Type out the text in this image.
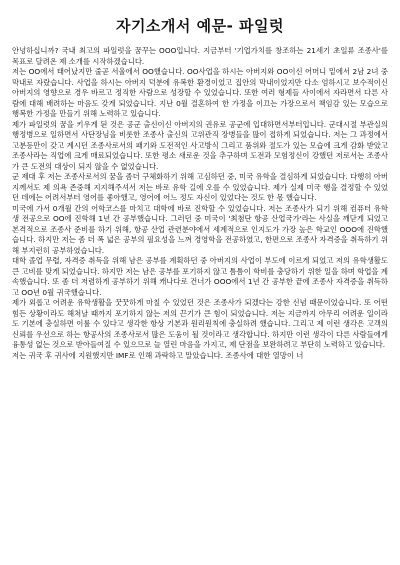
자기소개서 예문- 파일럿
안녕하십니까? 국내 최고의 파일럿을 꿈꾸는 OOO입니다. 지금부터 '기업가치를 창조하는 21세기 초일류 조종사'를 목표로 달려온 제 소개를 시작하겠습니다.
저는 OO에서 태어났지만 줄곧 서울에서 OO했습니다. OO사업을 하시는 아버지와 OO이신 어머니 밑에서 2남 2녀 중 막내로 자랐습니다. 사업을 하시는 아버지 덕분에 유복한 환경이었고 집안의 막내이었지만 다소 엄하시고 보수적이신 아버지의 영향으로 경우 바르고 정직한 사람으로 성장할 수 있었습니다. 또한 여러 형제들 사이에서 자라면서 다른 사람에 대해 배려하는 마음도 갖게 되었습니다. 지난 0월 결혼하여 한 가정을 이끄는 가장으로서 책임감 있는 모습으로 행복한 가정을 만들기 위해 노력하고 있습니다.
제가 파일럿의 꿈을 키우게 된 것은 공군 출신이신 아버지의 권유로 공군에 입대하면서부터입니다. 군대시절 부관실의 행정병으로 일하면서 사단장님을 비롯한 조종사 출신의 고위관직 장병들을 많이 접하게 되었습니다. 저는 그 과정에서 고분등만이 갖고 계시던 조종사로서의 패기와 도전적인 사고방식 그리고 품위와 절도가 있는 모습에 크게 감화 받았고 조종사라는 직업에 크게 매료되었습니다. 또한 평소 새로운 것을 추구하며 도전과 모험정신이 강했던 저로서는 조종사가 큰 도전의 대상이 되지 않을 수 없었습니다.
군 제대 후 저는 조종사로서의 꿈을 좀더 구체화하기 위해 고심하던 중, 미국 유학을 결심하게 되었습니다. 다행히 아버지께서도 제 의욕 존중해 지지해주셔서 저는 바로 유학 길에 오를 수 있었습니다. 제가 실제 미국 행을 결정할 수 있었던 데에는 어려서부터 영어를 좋아했고, 영어에 어느 정도 자신이 있었다는 것도 한 몫 했습니다.
미국에 가서 0개월 간의 어학코스를 마치고 대학에 바로 진학할 수 있었습니다. 저는 조종사가 되기 위해 컴퓨터 유학생 전공으로 OO에 진학해 1년 간 공부했습니다. 그러던 중 미국이 '최첨단 항공 산업국가'라는 사실을 깨닫게 되었고 본격적으로 조종사 준비를 하기 위해, 항공 산업 관련분야에서 세계적으로 인지도가 가장 높은 학교인 OOO에 진학했습니다. 하지만 저는 좀 더 폭 넓은 공부의 필요성을 느껴 경영학을 전공하였고, 한편으로 조종사 자격증을 취득하기 위해 부지런히 공부하였습니다.
대학 졸업 무렵, 자격증 취득을 위해 남은 공부를 계획하던 중 아버지의 사업이 부도에 이르게 되었고 저의 유학생활도 큰 고비를 맞게 되었습니다. 하지만 저는 남은 공부를 포기하지 않고 틈틈이 학비를 충당하기 위한 일을 하며 학업을 계속했습니다. 또 좀 더 저렴하게 공부하기 위해 캐나다로 건너가 OOO에서 1년 간 공부한 끝에 조종사 자격증을 취득하고 OO년 0월 귀국했습니다.
제가 외롭고 어려운 유학생활을 꿋꿋하게 마칠 수 있었던 것은 조종사가 되겠다는 강한 신념 때문이었습니다. 또 어떤 힘든 상황이라도 해쳐날 때까지 포기하지 않는 저의 끈기가 큰 힘이 되었습니다. 저는 지금까지 아무리 어려운 일이라도 기본에 충실하면 이룰 수 있다고 생각한 항상 기본과 원리원칙에 충실하려 했습니다. 그리고 제 이런 생각은 고객의 신뢰를 우선으로 하는 항공사의 조종사로서 많은 도움이 될 것이라고 생각합니다. 하지만 이런 생각이 다른 사람들에게 융통성 없는 것으로 받아들여질 수 있으므로 늘 열린 마음을 가지고, 제 단점을 보완하려고 부단히 노력하고 있습니다.
저는 귀국 후 귀사에 지원했지만 IMF로 인해 과락하고 말았습니다. 조종사에 대한 열망이 너
